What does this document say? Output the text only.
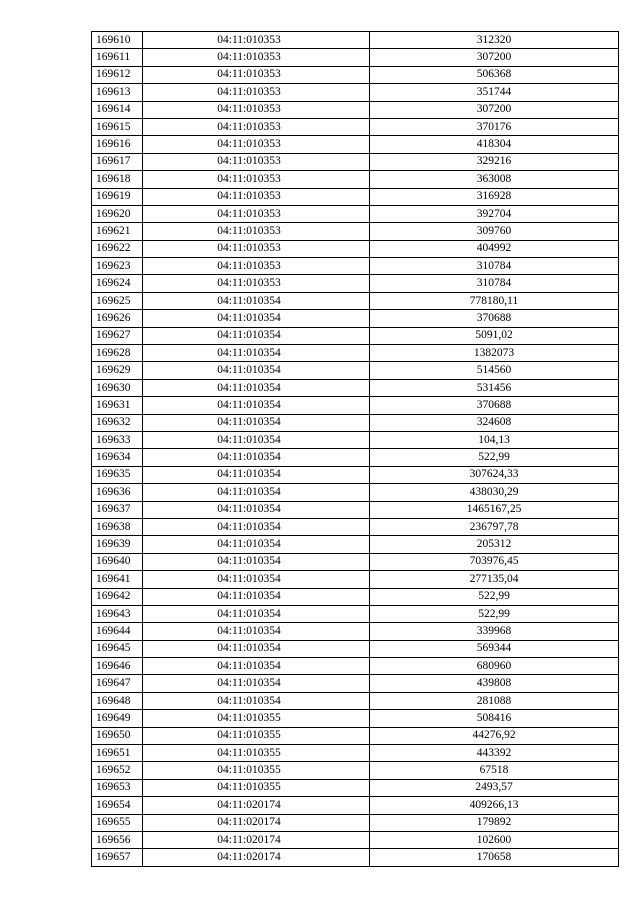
169610	04:11:010353	312320
169611	04:11:010353	307200
169612	04:11:010353	506368
169613	04:11:010353	351744
169614	04:11:010353	307200
169615	04:11:010353	370176
169616	04:11:010353	418304
169617	04:11:010353	329216
169618	04:11:010353	363008
169619	04:11:010353	316928
169620	04:11:010353	392704
169621	04:11:010353	309760
169622	04:11:010353	404992
169623	04:11:010353	310784
169624	04:11:010353	310784
169625	04:11:010354	778180,11
169626	04:11:010354	370688
169627	04:11:010354	5091,02
169628	04:11:010354	1382073
169629	04:11:010354	514560
169630	04:11:010354	531456
169631	04:11:010354	370688
169632	04:11:010354	324608
169633	04:11:010354	104,13
169634	04:11:010354	522,99
169635	04:11:010354	307624,33
169636	04:11:010354	438030,29
169637	04:11:010354	1465167,25
169638	04:11:010354	236797,78
169639	04:11:010354	205312
169640	04:11:010354	703976,45
169641	04:11:010354	277135,04
169642	04:11:010354	522,99
169643	04:11:010354	522,99
169644	04:11:010354	339968
169645	04:11:010354	569344
169646	04:11:010354	680960
169647	04:11:010354	439808
169648	04:11:010354	281088
169649	04:11:010355	508416
169650	04:11:010355	44276,92
169651	04:11:010355	443392
169652	04:11:010355	67518
169653	04:11:010355	2493,57
169654	04:11:020174	409266,13
169655	04:11:020174	179892
169656	04:11:020174	102600
169657	04:11:020174	170658
